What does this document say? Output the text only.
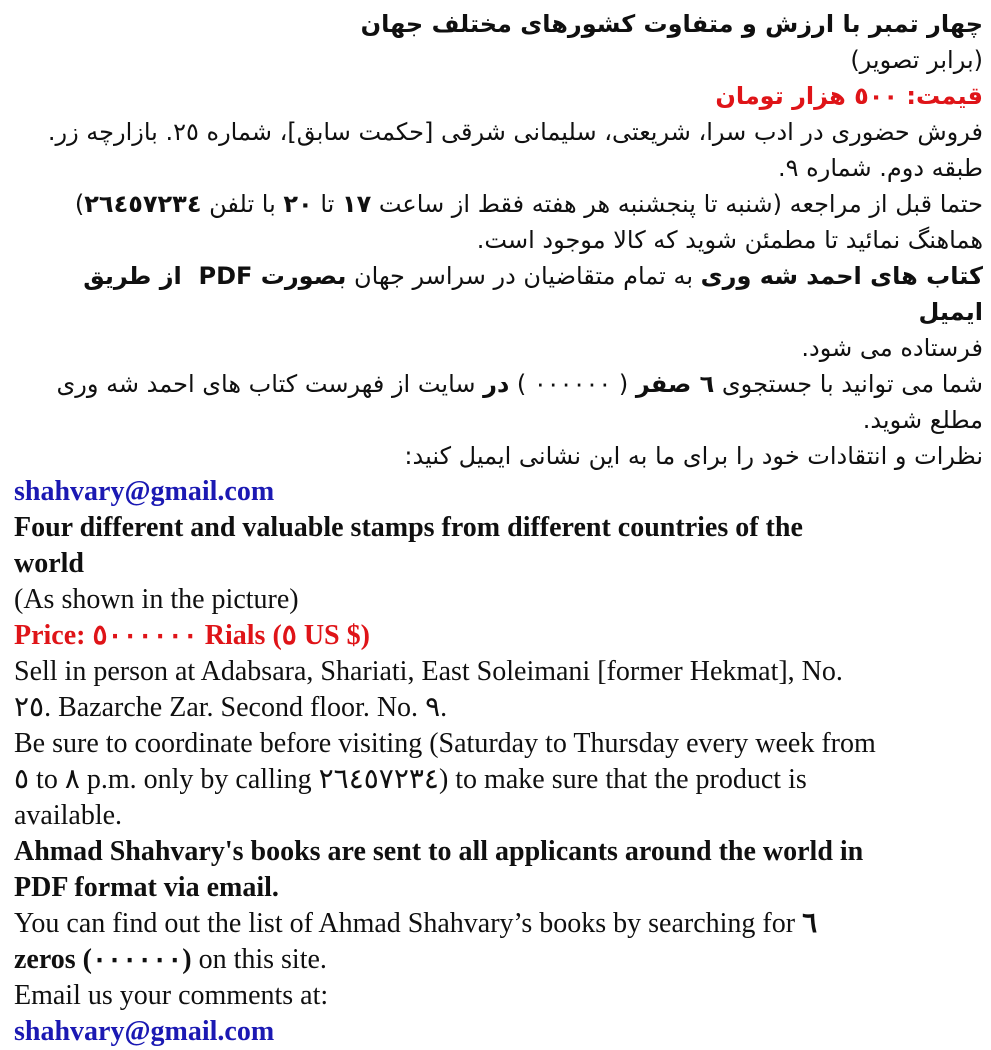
چهار تمبر با ارزش و متفاوت کشورهای مختلف جهان
(برابر تصویر)
قیمت: ٥٠٠ هزار تومان
فروش حضوری در ادب سرا، شریعتی، سلیمانی شرقی [حکمت سابق]، شماره ٢٥. بازارچه زر.
طبقه دوم. شماره ٩.
حتما قبل از مراجعه (شنبه تا پنجشنبه هر هفته فقط از ساعت ١٧ تا ٢٠ با تلفن ٢٦٤٥٧٢٣٤)
هماهنگ نمائید تا مطمئن شوید که کالا موجود است.
کتاب های احمد شه وری به تمام متقاضیان در سراسر جهان بصورت PDF  از طریق ایمیل
فرستاده می شود.
شما می توانید با جستجوی ٦ صفر ( ٠٠٠٠٠٠ ) در سایت از فهرست کتاب های احمد شه وری
مطلع شوید.
نظرات و انتقادات خود را برای ما به این نشانی ایمیل کنید:
shahvary@gmail.com
Four different and valuable stamps from different countries of the
world
(As shown in the picture)
Price: ٥٠٠٠٠٠٠ Rials (٥ US $)
Sell in person at Adabsara, Shariati, East Soleimani [former Hekmat], No.
٢٥. Bazarche Zar. Second floor. No. ٩.
Be sure to coordinate before visiting (Saturday to Thursday every week from
٥ to ٨ p.m. only by calling ٢٦٤٥٧٢٣٤) to make sure that the product is
available.
Ahmad Shahvary's books are sent to all applicants around the world in
PDF format via email.
You can find out the list of Ahmad Shahvary’s books by searching for ٦
zeros (٠٠٠٠٠٠) on this site.
Email us your comments at:
shahvary@gmail.com
